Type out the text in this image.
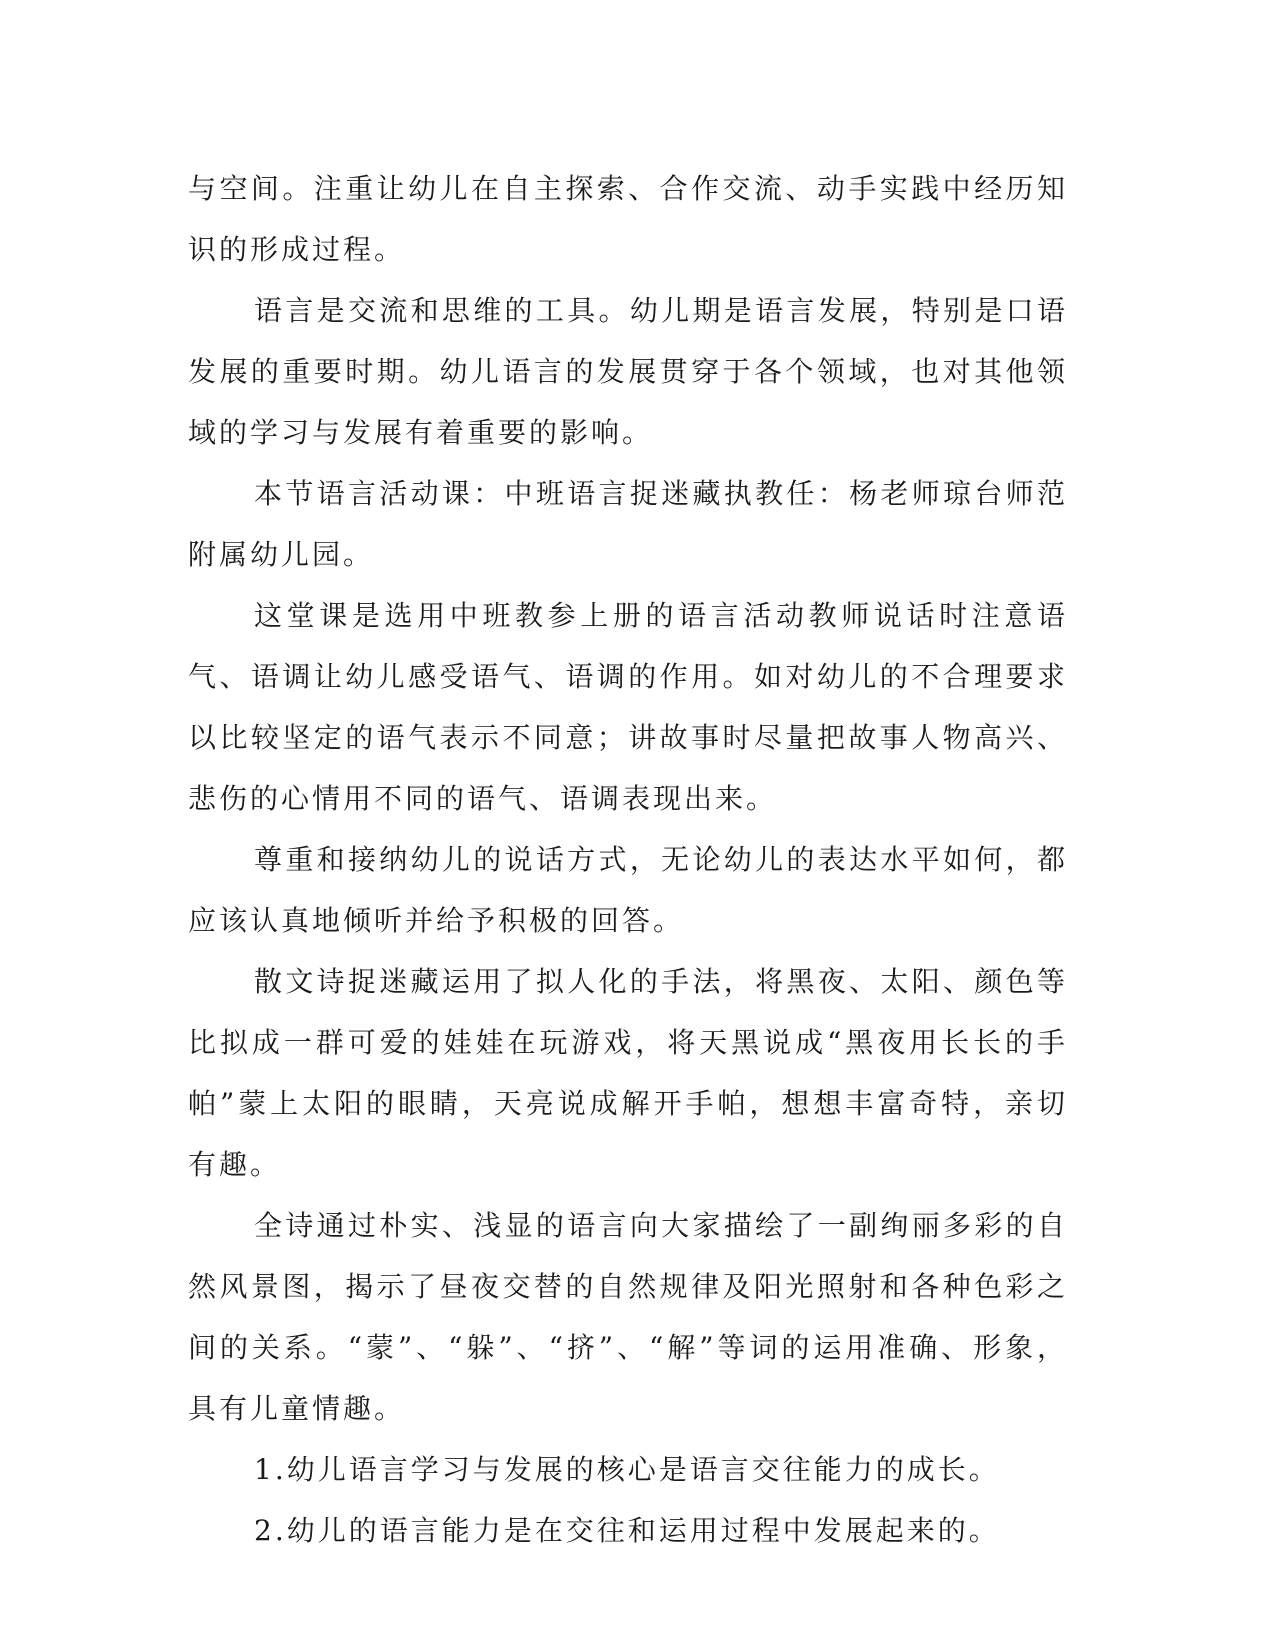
与空间。注重让幼儿在自主探索、合作交流、动手实践中经历知识的形成过程。

语言是交流和思维的工具。幼儿期是语言发展，特别是口语发展的重要时期。幼儿语言的发展贯穿于各个领域，也对其他领域的学习与发展有着重要的影响。

本节语言活动课：中班语言捉迷藏执教任：杨老师琼台师范附属幼儿园。

这堂课是选用中班教参上册的语言活动教师说话时注意语气、语调让幼儿感受语气、语调的作用。如对幼儿的不合理要求以比较坚定的语气表示不同意；讲故事时尽量把故事人物高兴、悲伤的心情用不同的语气、语调表现出来。

尊重和接纳幼儿的说话方式，无论幼儿的表达水平如何，都应该认真地倾听并给予积极的回答。

散文诗捉迷藏运用了拟人化的手法，将黑夜、太阳、颜色等比拟成一群可爱的娃娃在玩游戏，将天黑说成“黑夜用长长的手帕”蒙上太阳的眼睛，天亮说成解开手帕，想想丰富奇特，亲切有趣。

全诗通过朴实、浅显的语言向大家描绘了一副绚丽多彩的自然风景图，揭示了昼夜交替的自然规律及阳光照射和各种色彩之间的关系。“蒙”、“躲”、“挤”、“解”等词的运用准确、形象，具有儿童情趣。

1.幼儿语言学习与发展的核心是语言交往能力的成长。

2.幼儿的语言能力是在交往和运用过程中发展起来的。
